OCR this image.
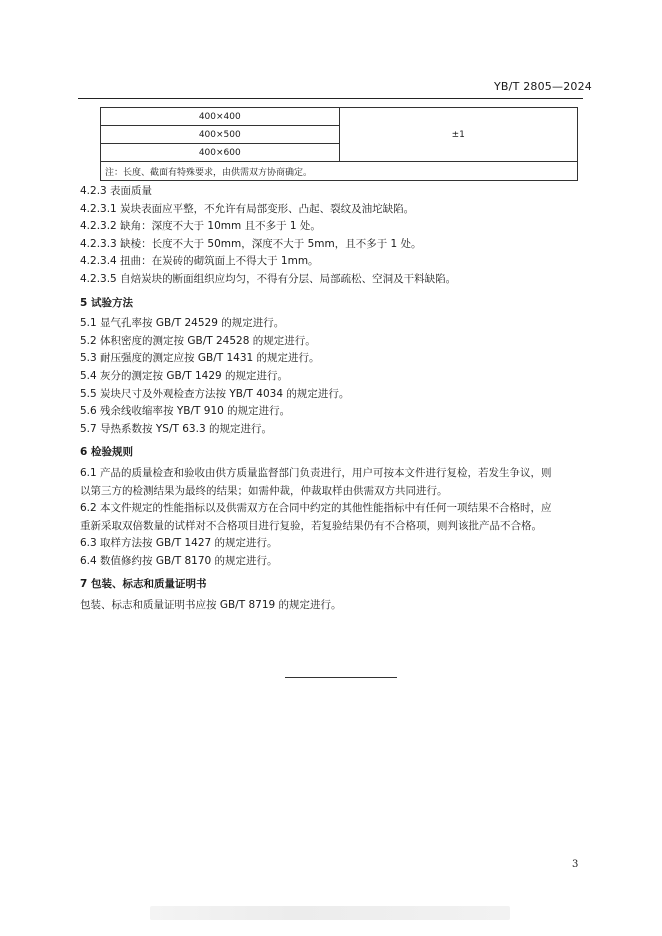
YB/T 2805—2024
400×400	±1
400×500
400×600
注：长度、截面有特殊要求，由供需双方协商确定。
4.2.3 表面质量
4.2.3.1 炭块表面应平整，不允许有局部变形、凸起、裂纹及油坨缺陷。
4.2.3.2 缺角：深度不大于 10mm 且不多于 1 处。
4.2.3.3 缺棱：长度不大于 50mm，深度不大于 5mm，且不多于 1 处。
4.2.3.4 扭曲：在炭砖的砌筑面上不得大于 1mm。
4.2.3.5 自焙炭块的断面组织应均匀，不得有分层、局部疏松、空洞及干料缺陷。
5 试验方法
5.1 显气孔率按 GB/T 24529 的规定进行。
5.2 体积密度的测定按 GB/T 24528 的规定进行。
5.3 耐压强度的测定应按 GB/T 1431 的规定进行。
5.4 灰分的测定按 GB/T 1429 的规定进行。
5.5 炭块尺寸及外观检查方法按 YB/T 4034 的规定进行。
5.6 残余线收缩率按 YB/T 910 的规定进行。
5.7 导热系数按 YS/T 63.3 的规定进行。
6 检验规则
6.1 产品的质量检查和验收由供方质量监督部门负责进行，用户可按本文件进行复检，若发生争议，则
以第三方的检测结果为最终的结果；如需仲裁，仲裁取样由供需双方共同进行。
6.2 本文件规定的性能指标以及供需双方在合同中约定的其他性能指标中有任何一项结果不合格时，应
重新采取双倍数量的试样对不合格项目进行复验，若复验结果仍有不合格项，则判该批产品不合格。
6.3 取样方法按 GB/T 1427 的规定进行。
6.4 数值修约按 GB/T 8170 的规定进行。
7 包装、标志和质量证明书
包装、标志和质量证明书应按 GB/T 8719 的规定进行。
3
